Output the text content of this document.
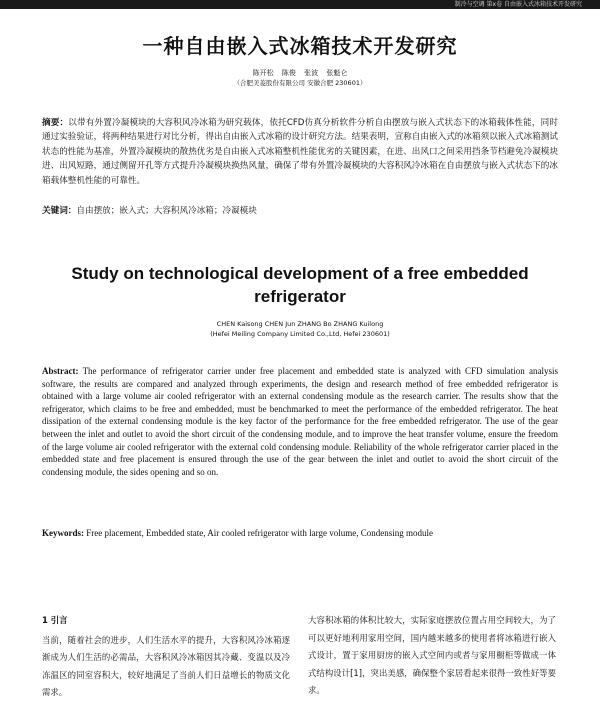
制冷与空调 第x卷 自由嵌入式冰箱技术开发研究
一种自由嵌入式冰箱技术开发研究
陈开松 陈俊 张波 张魁仑
（合肥美菱股份有限公司 安徽合肥 230601）
摘要：以带有外置冷凝模块的大容积风冷冰箱为研究载体，依托CFD仿真分析软件分析自由摆放与嵌入式状态下的冰箱载体性能，同时通过实验验证，将两种结果进行对比分析，得出自由嵌入式冰箱的设计研究方法。结果表明，宣称自由嵌入式的冰箱须以嵌入式冰箱测试状态的性能为基准，外置冷凝模块的散热优劣是自由嵌入式冰箱整机性能优劣的关键因素，在进、出风口之间采用挡条节档避免冷凝模块进、出风短路，通过侧留开孔等方式提升冷凝模块换热风量，确保了带有外置冷凝模块的大容积风冷冰箱在自由摆放与嵌入式状态下的冰箱载体整机性能的可靠性。
关键词：自由摆放；嵌入式；大容积风冷冰箱；冷凝模块
Study on technological development of a free embedded refrigerator
CHEN Kaisong CHEN Jun ZHANG Bo ZHANG Kuilong
(Hefei Meiling Company Limited Co.,Ltd, Hefei 230601)
Abstract: The performance of refrigerator carrier under free placement and embedded state is analyzed with CFD simulation analysis software, the results are compared and analyzed through experiments, the design and research method of free embedded refrigerator is obtained with a large volume air cooled refrigerator with an external condensing module as the research carrier. The results show that the refrigerator, which claims to be free and embedded, must be benchmarked to meet the performance of the embedded refrigerator. The heat dissipation of the external condensing module is the key factor of the performance for the free embedded refrigerator. The use of the gear between the inlet and outlet to avoid the short circuit of the condensing module, and to improve the heat transfer volume, ensure the freedom of the large volume air cooled refrigerator with the external cold condensing module. Reliability of the whole refrigerator carrier placed in the embedded state and free placement is ensured through the use of the gear between the inlet and outlet to avoid the short circuit of the condensing module, the sides opening and so on.
Keywords: Free placement, Embedded state, Air cooled refrigerator with large volume, Condensing module
1 引言
当前，随着社会的进步，人们生活水平的提升，大容积风冷冰箱逐渐成为人们生活的必需品，大容积风冷冰箱因其冷藏、变温以及冷冻温区的同室容积大，较好地满足了当前人们日益增长的物质文化需求。
大容积冰箱的体积比较大，实际家庭摆放位置占用空间较大，为了可以更好地利用家用空间，国内越来越多的使用者将冰箱进行嵌入式设计，置于家用厨房的嵌入式空间内或者与家用橱柜等做成一体式结构设计[1]，突出美感，确保整个家居看起来很得一致性好等要求。
